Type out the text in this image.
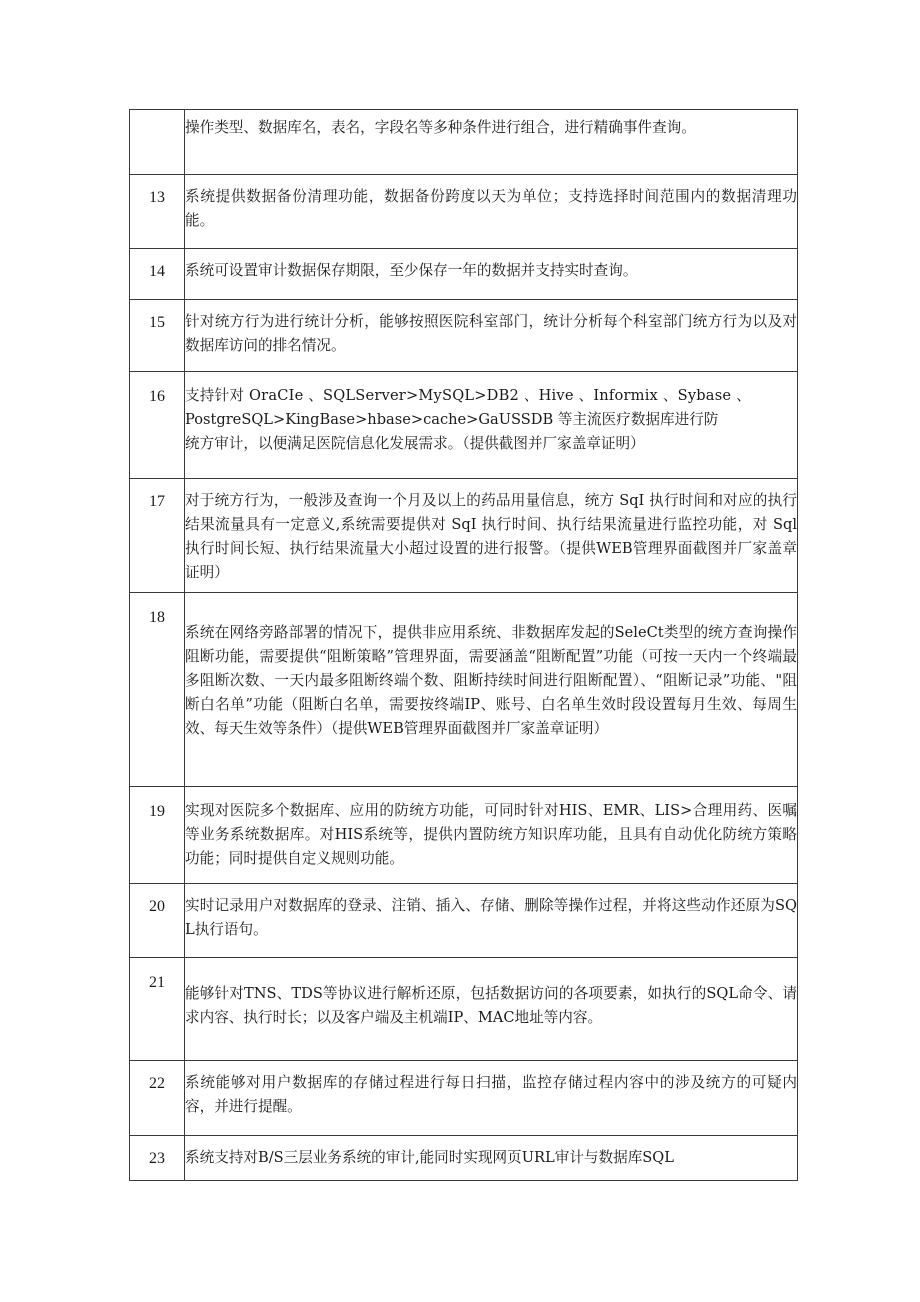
	操作类型、数据库名，表名，字段名等多种条件进行组合，进行精确事件查询。
13	系统提供数据备份清理功能，数据备份跨度以天为单位；支持选择时间范围内的数据清理功能。
14	系统可设置审计数据保存期限，至少保存一年的数据并支持实时查询。
15	针对统方行为进行统计分析，能够按照医院科室部门，统计分析每个科室部门统方行为以及对数据库访问的排名情况。
16	支持针对 OraCIe 、SQLServer>MySQL>DB2 、Hive 、Informix 、Sybase 、
PostgreSQL>KingBase>hbase>cache>GaUSSDB 等主流医疗数据库进行防
统方审计，以便满足医院信息化发展需求。（提供截图并厂家盖章证明）

17	对于统方行为，一般涉及查询一个月及以上的药品用量信息，统方 SqI 执行时间和对应的执行结果流量具有一定意义,系统需要提供对 SqI 执行时间、执行结果流量进行监控功能，对 Sql 执行时间长短、执行结果流量大小超过设置的进行报警。（提供WEB管理界面截图并厂家盖章证明）
18	系统在网络旁路部署的情况下，提供非应用系统、非数据库发起的SeleCt类型的统方查询操作阻断功能，需要提供“阻断策略”管理界面，需要涵盖“阻断配置”功能（可按一天内一个终端最多阻断次数、一天内最多阻断终端个数、阻断持续时间进行阻断配置）、“阻断记录”功能、"阻断白名单”功能（阻断白名单，需要按终端IP、账号、白名单生效时段设置每月生效、每周生效、每天生效等条件）（提供WEB管理界面截图并厂家盖章证明）
19	实现对医院多个数据库、应用的防统方功能，可同时针对HIS、EMR、LIS>合理用药、医嘱等业务系统数据库。对HIS系统等，提供内置防统方知识库功能，且具有自动优化防统方策略功能；同时提供自定义规则功能。
20	实时记录用户对数据库的登录、注销、插入、存储、删除等操作过程，并将这些动作还原为SQL执行语句。
21	能够针对TNS、TDS等协议进行解析还原，包括数据访问的各项要素，如执行的SQL命令、请求内容、执行时长；以及客户端及主机端IP、MAC地址等内容。
22	系统能够对用户数据库的存储过程进行每日扫描，监控存储过程内容中的涉及统方的可疑内容，并进行提醒。
23	系统支持对B/S三层业务系统的审计,能同时实现网页URL审计与数据库SQL
